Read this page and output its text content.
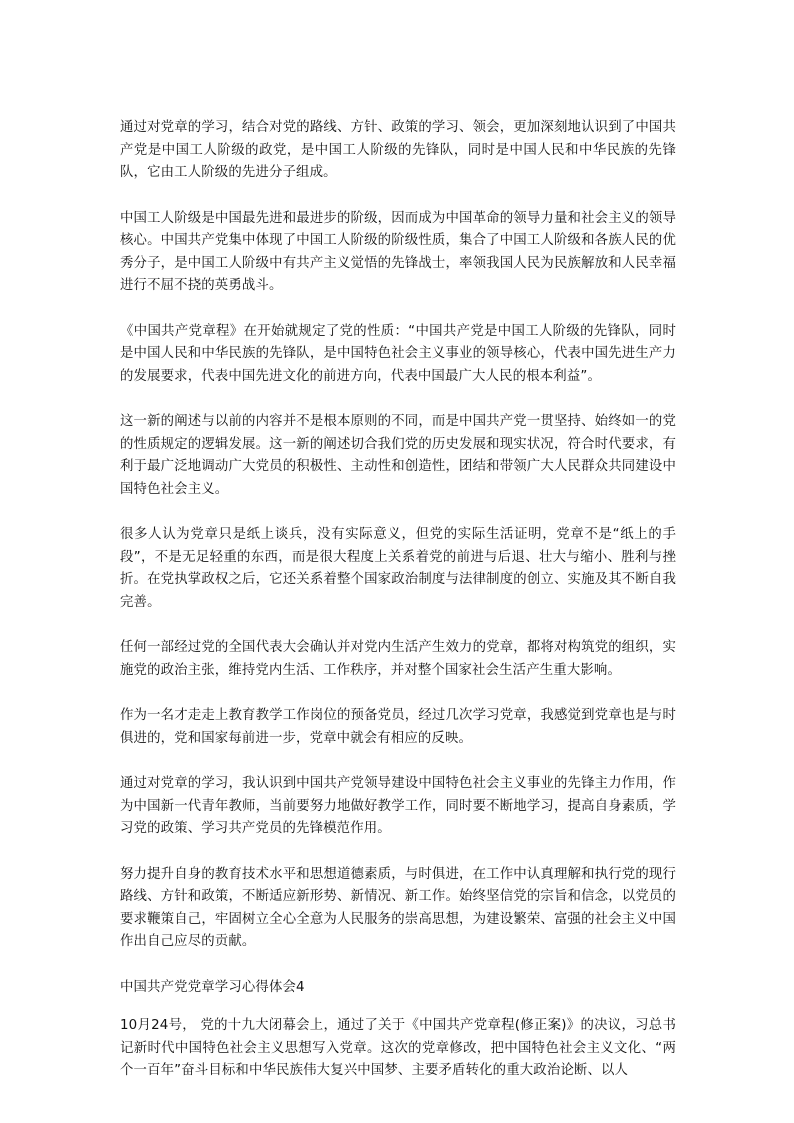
通过对党章的学习，结合对党的路线、方针、政策的学习、领会，更加深刻地认识到了中国共产党是中国工人阶级的政党，是中国工人阶级的先锋队，同时是中国人民和中华民族的先锋队，它由工人阶级的先进分子组成。

中国工人阶级是中国最先进和最进步的阶级，因而成为中国革命的领导力量和社会主义的领导核心。中国共产党集中体现了中国工人阶级的阶级性质，集合了中国工人阶级和各族人民的优秀分子，是中国工人阶级中有共产主义觉悟的先锋战士，率领我国人民为民族解放和人民幸福进行不屈不挠的英勇战斗。

《中国共产党章程》在开始就规定了党的性质：“中国共产党是中国工人阶级的先锋队，同时是中国人民和中华民族的先锋队，是中国特色社会主义事业的领导核心，代表中国先进生产力的发展要求，代表中国先进文化的前进方向，代表中国最广大人民的根本利益”。

这一新的阐述与以前的内容并不是根本原则的不同，而是中国共产党一贯坚持、始终如一的党的性质规定的逻辑发展。这一新的阐述切合我们党的历史发展和现实状况，符合时代要求，有利于最广泛地调动广大党员的积极性、主动性和创造性，团结和带领广大人民群众共同建设中国特色社会主义。

很多人认为党章只是纸上谈兵，没有实际意义，但党的实际生活证明，党章不是“纸上的手段”，不是无足轻重的东西，而是很大程度上关系着党的前进与后退、壮大与缩小、胜利与挫折。在党执掌政权之后，它还关系着整个国家政治制度与法律制度的创立、实施及其不断自我完善。

任何一部经过党的全国代表大会确认并对党内生活产生效力的党章，都将对构筑党的组织，实施党的政治主张，维持党内生活、工作秩序，并对整个国家社会生活产生重大影响。

作为一名才走走上教育教学工作岗位的预备党员，经过几次学习党章，我感觉到党章也是与时俱进的，党和国家每前进一步，党章中就会有相应的反映。

通过对党章的学习，我认识到中国共产党领导建设中国特色社会主义事业的先锋主力作用，作为中国新一代青年教师，当前要努力地做好教学工作，同时要不断地学习，提高自身素质，学习党的政策、学习共产党员的先锋模范作用。

努力提升自身的教育技术水平和思想道德素质，与时俱进，在工作中认真理解和执行党的现行路线、方针和政策，不断适应新形势、新情况、新工作。始终坚信党的宗旨和信念，以党员的要求鞭策自己，牢固树立全心全意为人民服务的崇高思想，为建设繁荣、富强的社会主义中国作出自己应尽的贡献。

中国共产党党章学习心得体会4

10月24号， 党的十九大闭幕会上，通过了关于《中国共产党章程(修正案)》的决议，习总书记新时代中国特色社会主义思想写入党章。这次的党章修改，把中国特色社会主义文化、“两个一百年”奋斗目标和中华民族伟大复兴中国梦、主要矛盾转化的重大政治论断、以人
